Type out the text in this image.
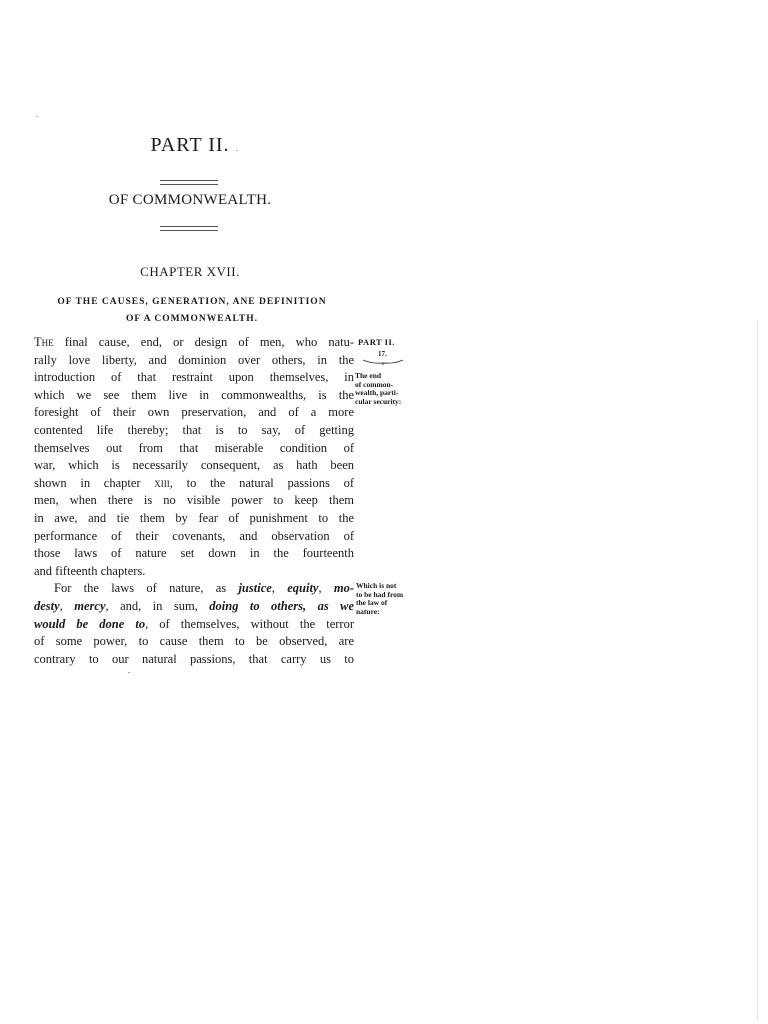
PART II.
OF COMMONWEALTH.
CHAPTER XVII.
OF THE CAUSES, GENERATION, ANE DEFINITION
OF A COMMONWEALTH.
The final cause, end, or design of men, who natu-
rally love liberty, and dominion over others, in the
introduction of that restraint upon themselves, in
which we see them live in commonwealths, is the
foresight of their own preservation, and of a more
contented life thereby; that is to say, of getting
themselves out from that miserable condition of
war, which is necessarily consequent, as hath been
shown in chapter xiii, to the natural passions of
men, when there is no visible power to keep them
in awe, and tie them by fear of punishment to the
performance of their covenants, and observation of
those laws of nature set down in the fourteenth
and fifteenth chapters.
For the laws of nature, as justice, equity, mo-
desty, mercy, and, in sum, doing to others, as we
would be done to, of themselves, without the terror
of some power, to cause them to be observed, are
contrary to our natural passions, that carry us to
PART II.
17.
The end
of common-
wealth, parti-
cular security:
Which is not
to be had from
the law of
nature:
